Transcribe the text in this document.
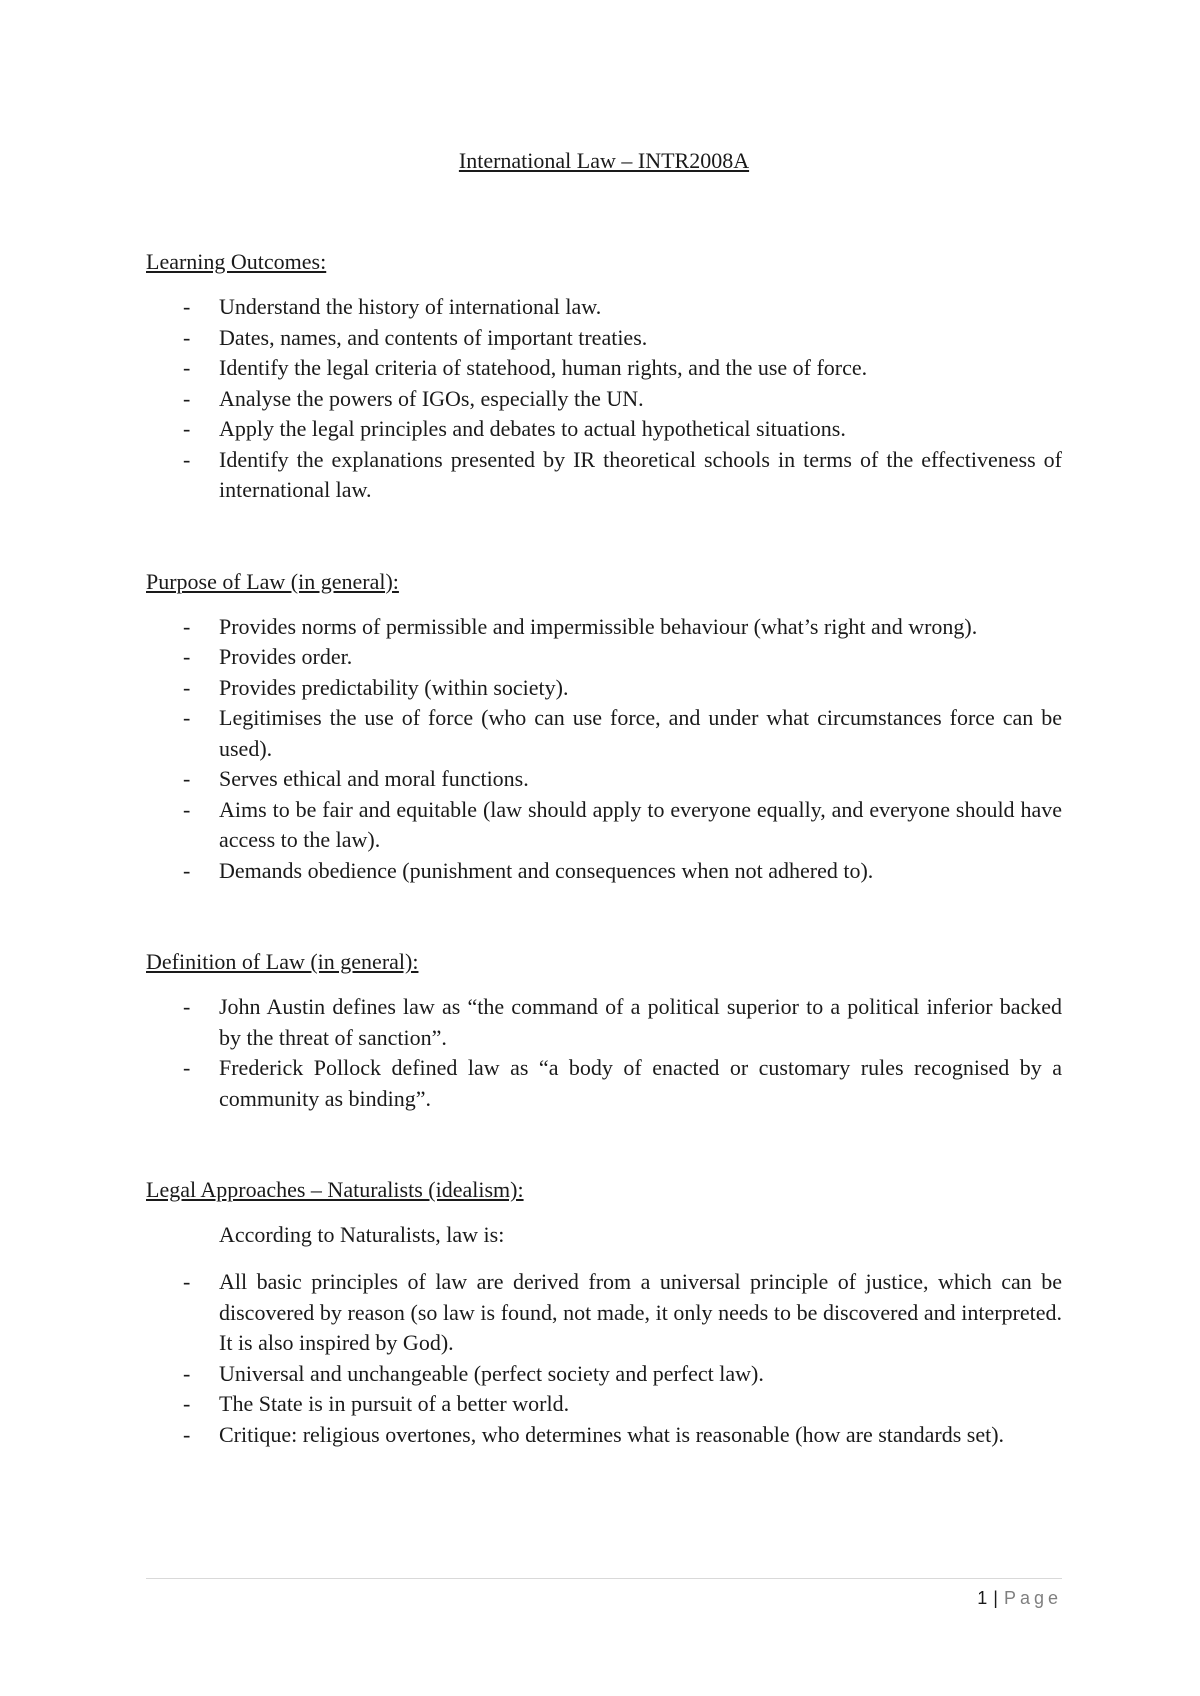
International Law – INTR2008A
Learning Outcomes:
- Understand the history of international law.
- Dates, names, and contents of important treaties.
- Identify the legal criteria of statehood, human rights, and the use of force.
- Analyse the powers of IGOs, especially the UN.
- Apply the legal principles and debates to actual hypothetical situations.
- Identify the explanations presented by IR theoretical schools in terms of the effectiveness of international law.
Purpose of Law (in general):
- Provides norms of permissible and impermissible behaviour (what’s right and wrong).
- Provides order.
- Provides predictability (within society).
- Legitimises the use of force (who can use force, and under what circumstances force can be used).
- Serves ethical and moral functions.
- Aims to be fair and equitable (law should apply to everyone equally, and everyone should have access to the law).
- Demands obedience (punishment and consequences when not adhered to).
Definition of Law (in general):
- John Austin defines law as “the command of a political superior to a political inferior backed by the threat of sanction”.
- Frederick Pollock defined law as “a body of enacted or customary rules recognised by a community as binding”.
Legal Approaches – Naturalists (idealism):
According to Naturalists, law is:
- All basic principles of law are derived from a universal principle of justice, which can be discovered by reason (so law is found, not made, it only needs to be discovered and interpreted. It is also inspired by God).
- Universal and unchangeable (perfect society and perfect law).
- The State is in pursuit of a better world.
- Critique: religious overtones, who determines what is reasonable (how are standards set).
1 | Page
